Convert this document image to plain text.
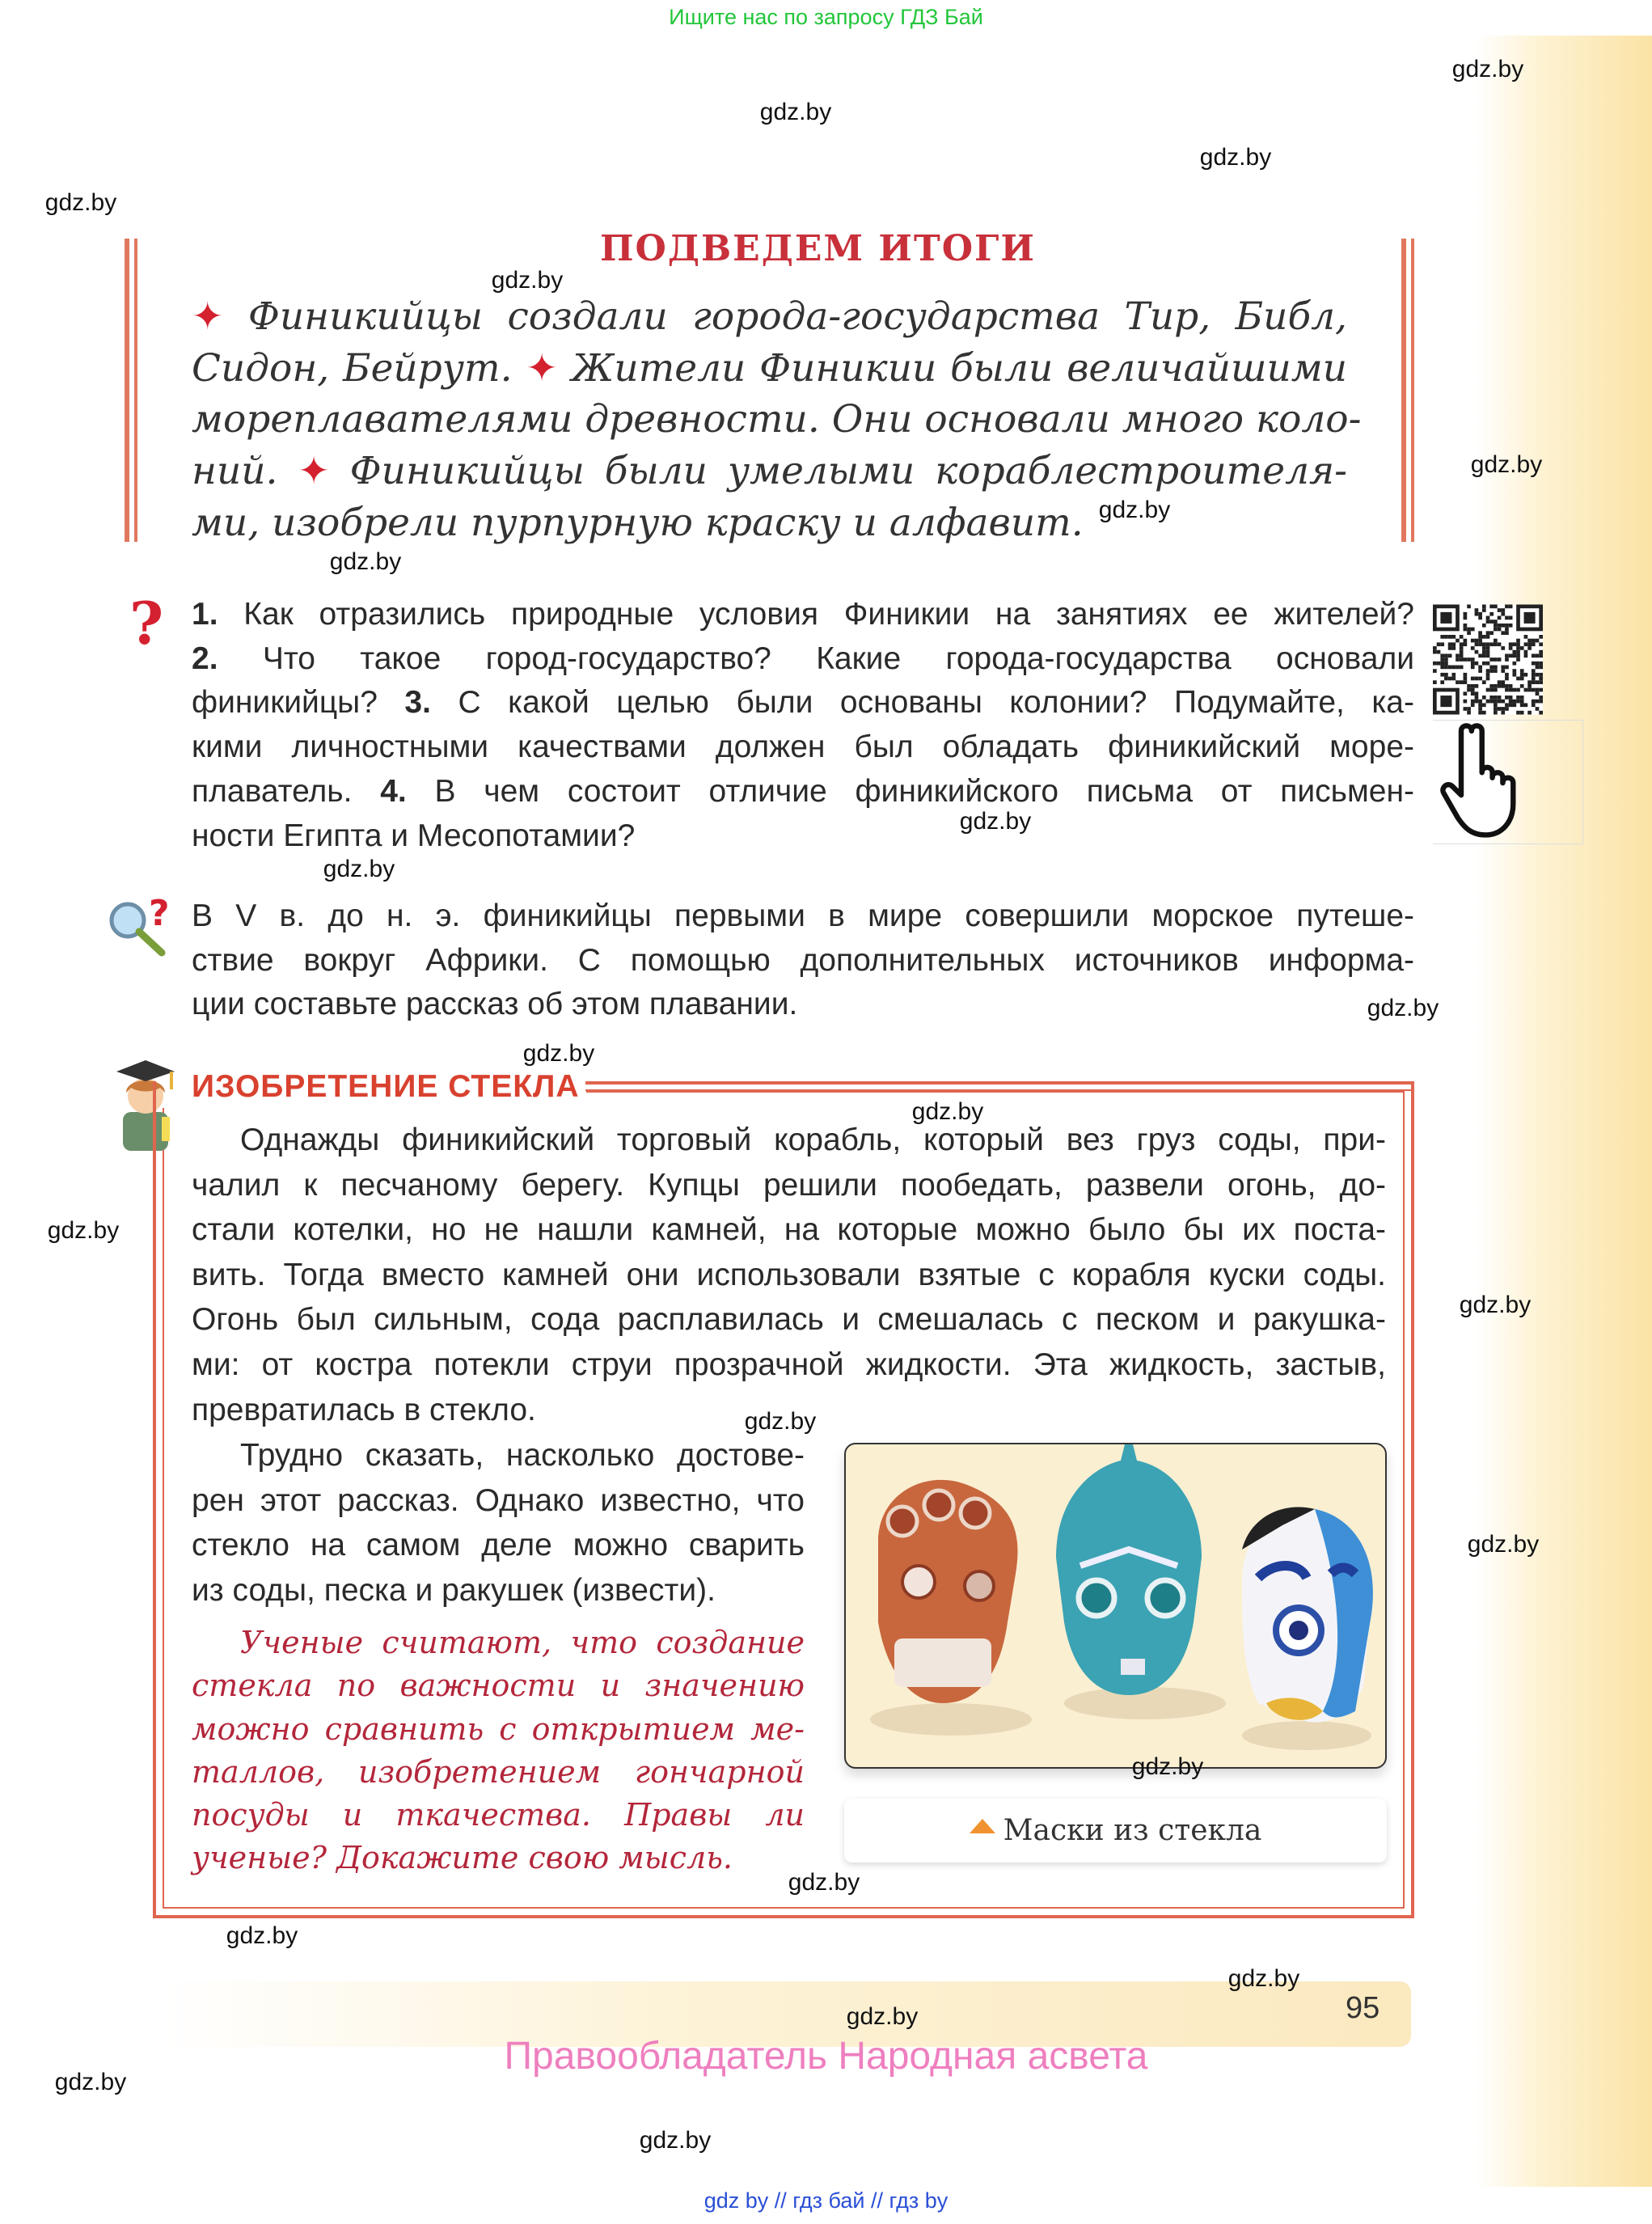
Ищите нас по запросу ГДЗ Бай
ПОДВЕДЕМ ИТОГИ
✦ Финикийцы создали города-государства Тир, Библ,
Сидон, Бейрут. ✦ Жители Финикии были величайшими
мореплавателями древности. Они основали много коло-
ний. ✦ Финикийцы были умелыми кораблестроителя-
ми, изобрели пурпурную краску и алфавит.
? 1. Как отразились природные условия Финикии на занятиях ее жителей?
2. Что такое город-государство? Какие города-государства основали
финикийцы? 3. С какой целью были основаны колонии? Подумайте, ка-
кими личностными качествами должен был обладать финикийский море-
плаватель. 4. В чем состоит отличие финикийского письма от письмен-
ности Египта и Месопотамии?
? В V в. до н. э. финикийцы первыми в мире совершили морское путеше-
ствие вокруг Африки. С помощью дополнительных источников информа-
ции составьте рассказ об этом плавании.
ИЗОБРЕТЕНИЕ СТЕКЛА
Однажды финикийский торговый корабль, который вез груз соды, при-
чалил к песчаному берегу. Купцы решили пообедать, развели огонь, до-
стали котелки, но не нашли камней, на которые можно было бы их поста-
вить. Тогда вместо камней они использовали взятые с корабля куски соды.
Огонь был сильным, сода расплавилась и смешалась с песком и ракушка-
ми: от костра потекли струи прозрачной жидкости. Эта жидкость, застыв,
превратилась в стекло.
Трудно сказать, насколько достове-
рен этот рассказ. Однако известно, что
стекло на самом деле можно сварить
из соды, песка и ракушек (извести).
Ученые считают, что создание
стекла по важности и значению
можно сравнить с открытием ме-
таллов, изобретением гончарной
посуды и ткачества. Правы ли
ученые? Докажите свою мысль.
Маски из стекла
95
Правообладатель Народная асвета
gdz by // гдз бай // гдз by
gdz.by
gdz.by
gdz.by
gdz.by
gdz.by
gdz.by
gdz.by
gdz.by
gdz.by
gdz.by
gdz.by
gdz.by
gdz.by
gdz.by
gdz.by
gdz.by
gdz.by
gdz.by
gdz.by
gdz.by
gdz.by
gdz.by
gdz.by
gdz.by
